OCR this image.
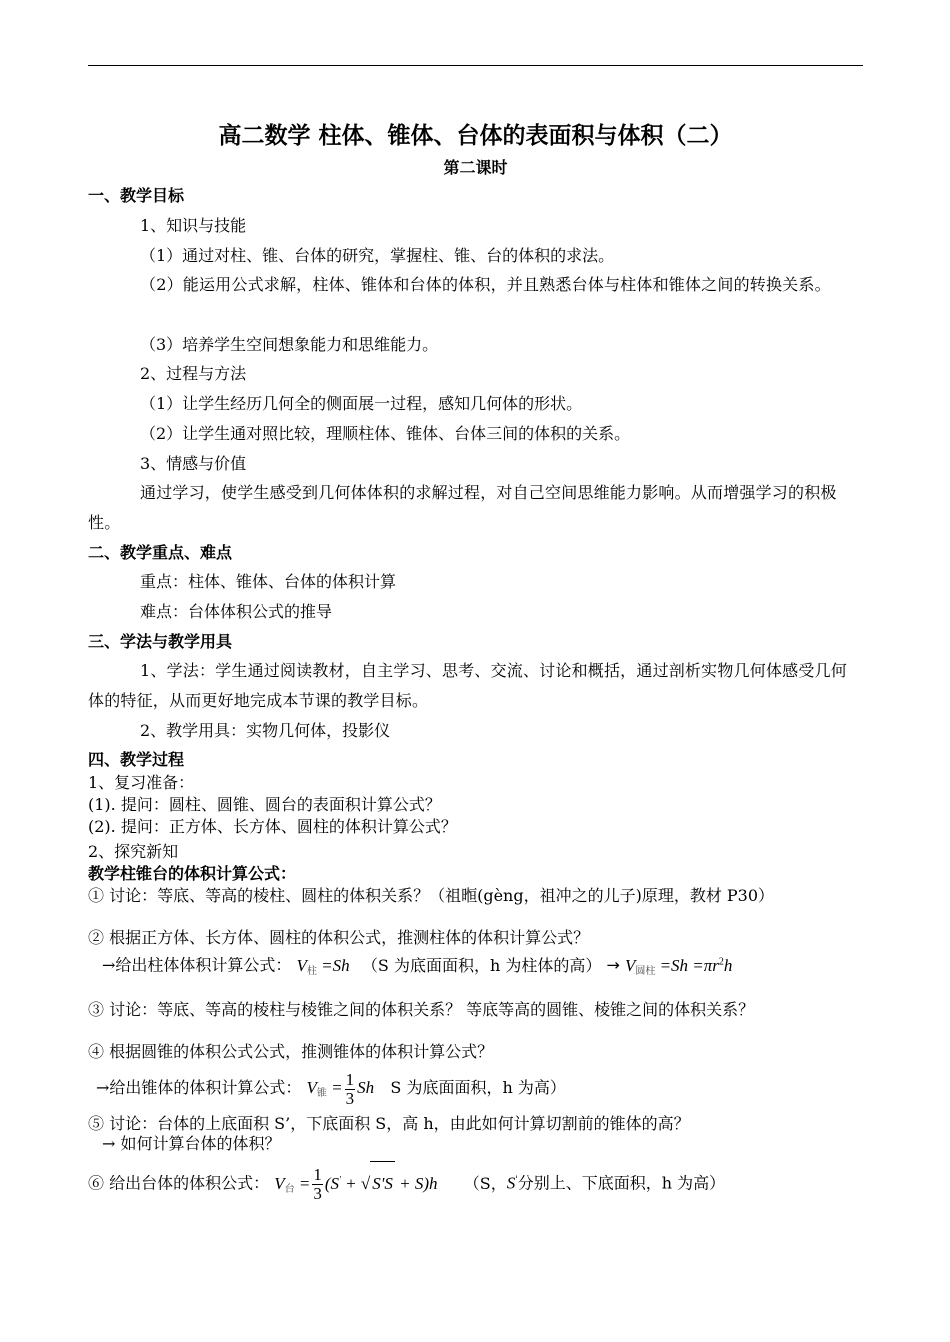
高二数学 柱体、锥体、台体的表面积与体积（二）
第二课时
一、教学目标
1、知识与技能
（1）通过对柱、锥、台体的研究，掌握柱、锥、台的体积的求法。
（2）能运用公式求解，柱体、锥体和台体的体积，并且熟悉台体与柱体和锥体之间的转换关系。
（3）培养学生空间想象能力和思维能力。
2、过程与方法
（1）让学生经历几何全的侧面展一过程，感知几何体的形状。
（2）让学生通对照比较，理顺柱体、锥体、台体三间的体积的关系。
3、情感与价值
通过学习，使学生感受到几何体体积的求解过程，对自己空间思维能力影响。从而增强学习的积极性。
二、教学重点、难点
重点：柱体、锥体、台体的体积计算
难点：台体体积公式的推导
三、学法与教学用具
1、学法：学生通过阅读教材，自主学习、思考、交流、讨论和概括，通过剖析实物几何体感受几何体的特征，从而更好地完成本节课的教学目标。
2、教学用具：实物几何体，投影仪
四、教学过程
1、复习准备：
(1). 提问：圆柱、圆锥、圆台的表面积计算公式？
(2). 提问：正方体、长方体、圆柱的体积计算公式？
2、探究新知
教学柱锥台的体积计算公式：
① 讨论：等底、等高的棱柱、圆柱的体积关系？（祖暅(gèng，祖冲之的儿子)原理，教材 P30）
② 根据正方体、长方体、圆柱的体积公式，推测柱体的体积计算公式？
→给出柱体体积计算公式： $V_柱 =Sh$ （S 为底面面积，h 为柱体的高） → $V_{圆柱} =Sh =\pi r^2h$
③ 讨论：等底、等高的棱柱与棱锥之间的体积关系？ 等底等高的圆锥、棱锥之间的体积关系？
④ 根据圆锥的体积公式公式，推测锥体的体积计算公式？
→给出锥体的体积计算公式： $V_锥 = \frac{1}{3}$ Sh S 为底面面积，h 为高）
⑤ 讨论：台体的上底面积 S’，下底面积 S，高 h，由此如何计算切割前的锥体的高？
→ 如何计算台体的体积？
⑥ 给出台体的体积公式： $V_台 = \frac{1}{3} (S'$ + √ S'S + S)h （S，S'分别上、下底面积，h 为高）
